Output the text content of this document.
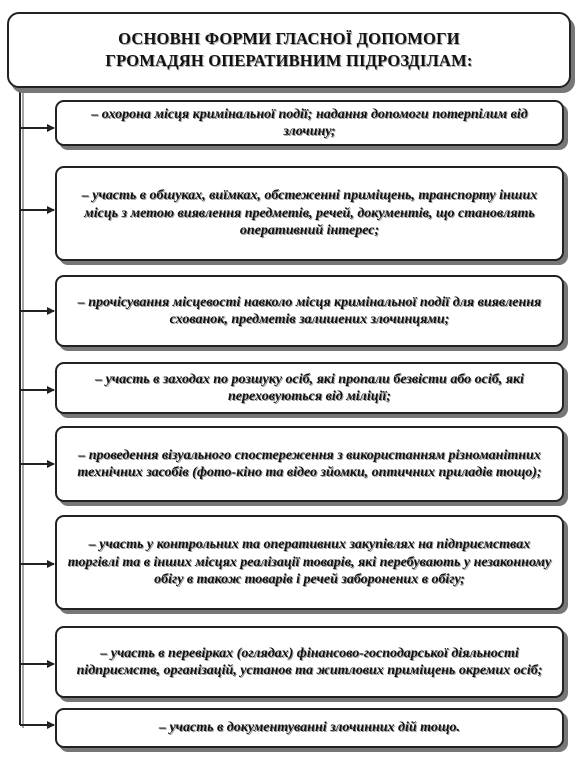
ОСНОВНІ ФОРМИ ГЛАСНОЇ ДОПОМОГИ
ГРОМАДЯН ОПЕРАТИВНИМ ПІДРОЗДІЛАМ:
– охорона місця кримінальної події; надання допомоги потерпілим від злочину;
– участь в обшуках, виїмках, обстеженні приміщень, транспорту інших місць з метою виявлення предметів, речей, документів, що становлять оперативний інтерес;
– прочісування місцевості навколо місця кримінальної події для виявлення схованок, предметів залишених злочинцями;
– участь в заходах по розшуку осіб, які пропали безвісти або осіб, які переховуються від міліції;
– проведення візуального спостереження з використанням різноманітних технічних засобів (фото-кіно та відео зйомки, оптичних приладів тощо);
– участь у контрольних та оперативних закупівлях на підприємствах торгівлі та в інших місцях реалізації товарів, які перебувають у незаконному обігу в також товарів і речей заборонених в обігу;
– участь в перевірках (оглядах) фінансово-господарської діяльності підприємств, організацій, установ та житлових приміщень окремих осіб;
– участь в документуванні злочинних дій тощо.
